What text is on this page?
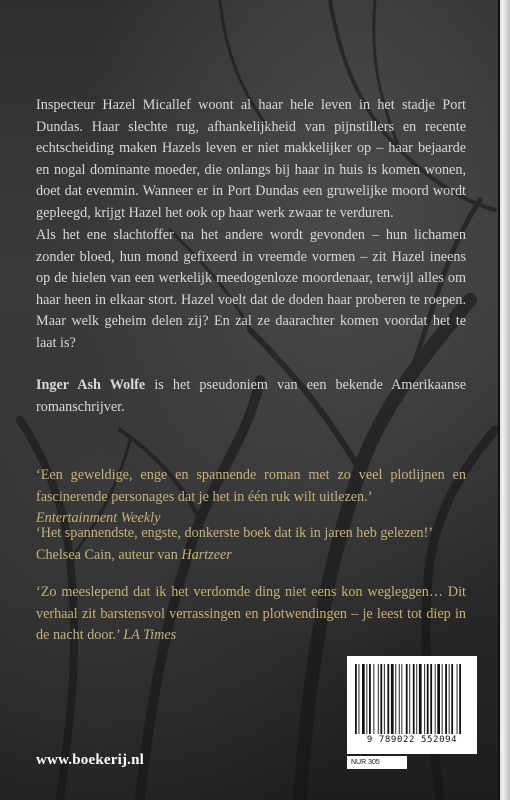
Inspecteur Hazel Micallef woont al haar hele leven in het stadje Port Dundas. Haar slechte rug, afhankelijkheid van pijnstillers en recente echtscheiding maken Hazels leven er niet makkelijker op – haar bejaarde en nogal dominante moeder, die onlangs bij haar in huis is komen wonen, doet dat evenmin. Wanneer er in Port Dundas een gruwelijke moord wordt gepleegd, krijgt Hazel het ook op haar werk zwaar te verduren.

Als het ene slachtoffer na het andere wordt gevonden – hun lichamen zonder bloed, hun mond gefixeerd in vreemde vormen – zit Hazel ineens op de hielen van een werkelijk meedogenloze moordenaar, terwijl alles om haar heen in elkaar stort. Hazel voelt dat de doden haar proberen te roepen. Maar welk geheim delen zij? En zal ze daarachter komen voordat het te laat is?

Inger Ash Wolfe is het pseudoniem van een bekende Amerikaanse romanschrijver.

‘Een geweldige, enge en spannende roman met zo veel plotlijnen en fascinerende personages dat je het in één ruk wilt uitlezen.’
Entertainment Weekly

‘Het spannendste, engste, donkerste boek dat ik in jaren heb gelezen!’
Chelsea Cain, auteur van Hartzeer

‘Zo meeslepend dat ik het verdomde ding niet eens kon wegleggen… Dit verhaal zit barstensvol verrassingen en plotwendingen – je leest tot diep in de nacht door.’ LA Times

www.boekerij.nl
9 789022 552094
NUR 305
